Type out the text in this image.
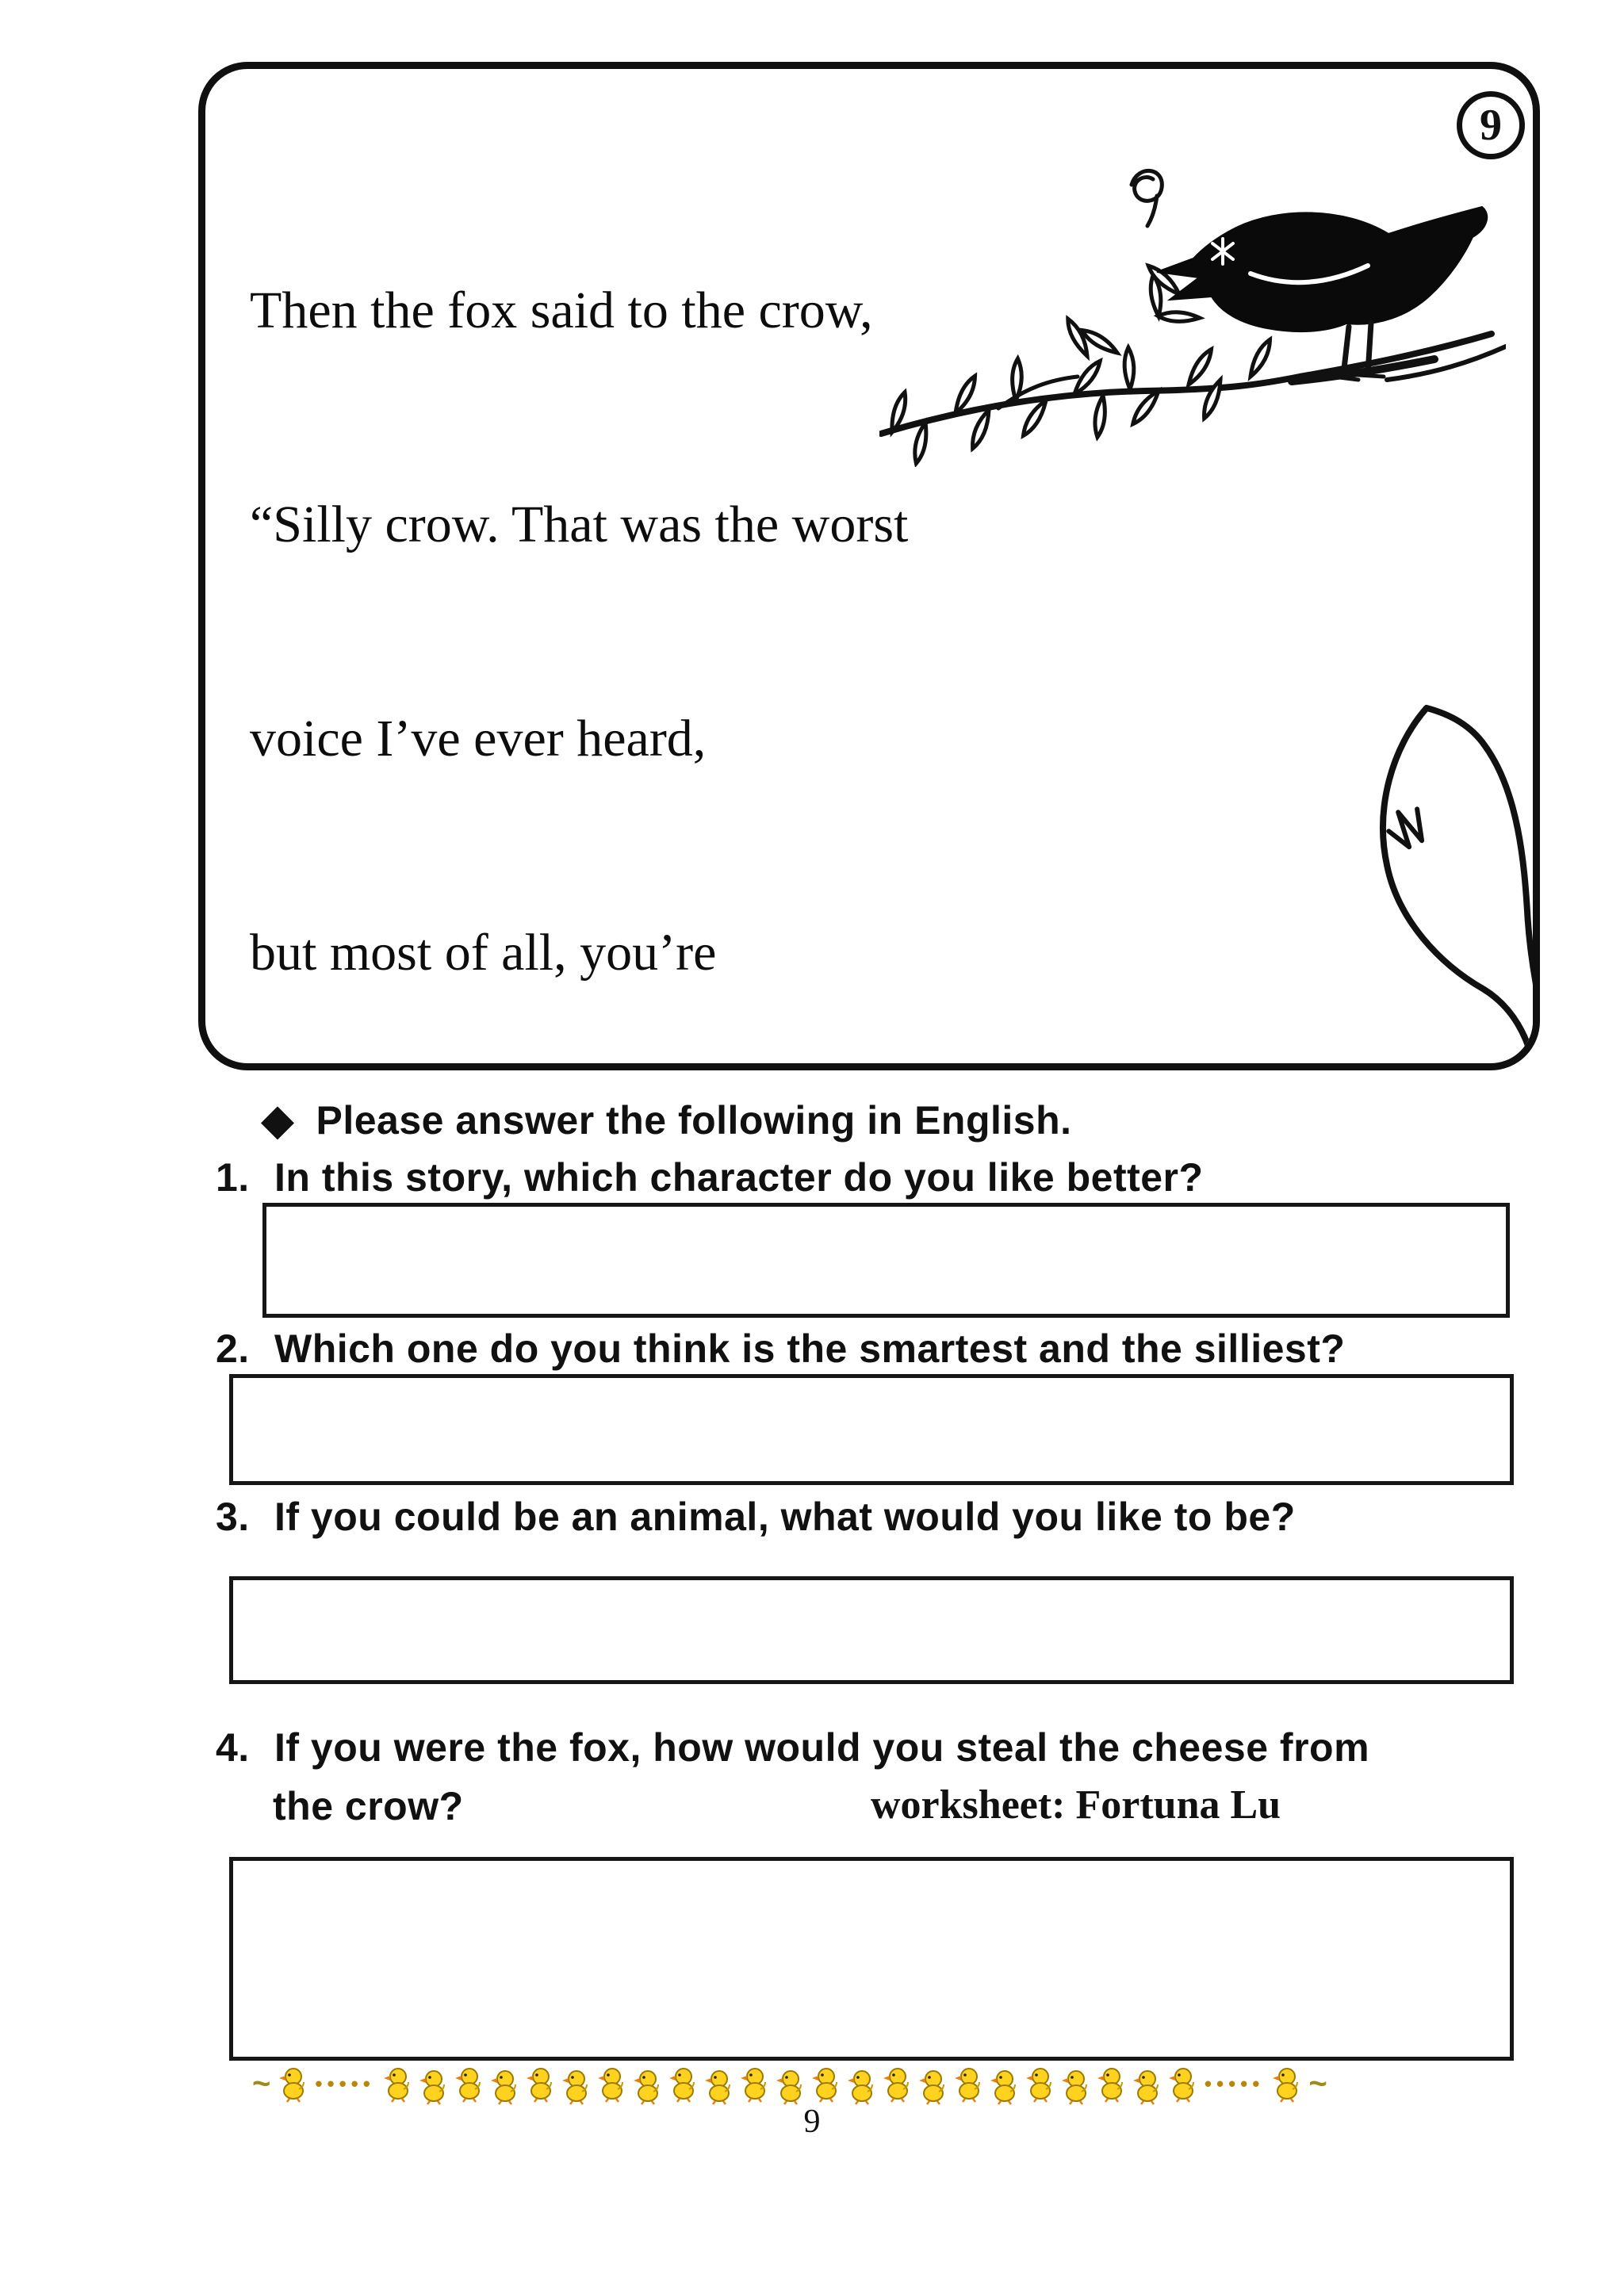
Then the fox said to the crow,

“Silly crow. That was the worst

voice I’ve ever heard,

but most of all, you’re

9
◆ Please answer the following in English.
1. In this story, which character do you like better?
2. Which one do you think is the smartest and the silliest?
3. If you could be an animal, what would you like to be?
4. If you were the fox, how would you steal the cheese from
the crow?	worksheet: Fortuna Lu
~ •••••	••••• ~
9
